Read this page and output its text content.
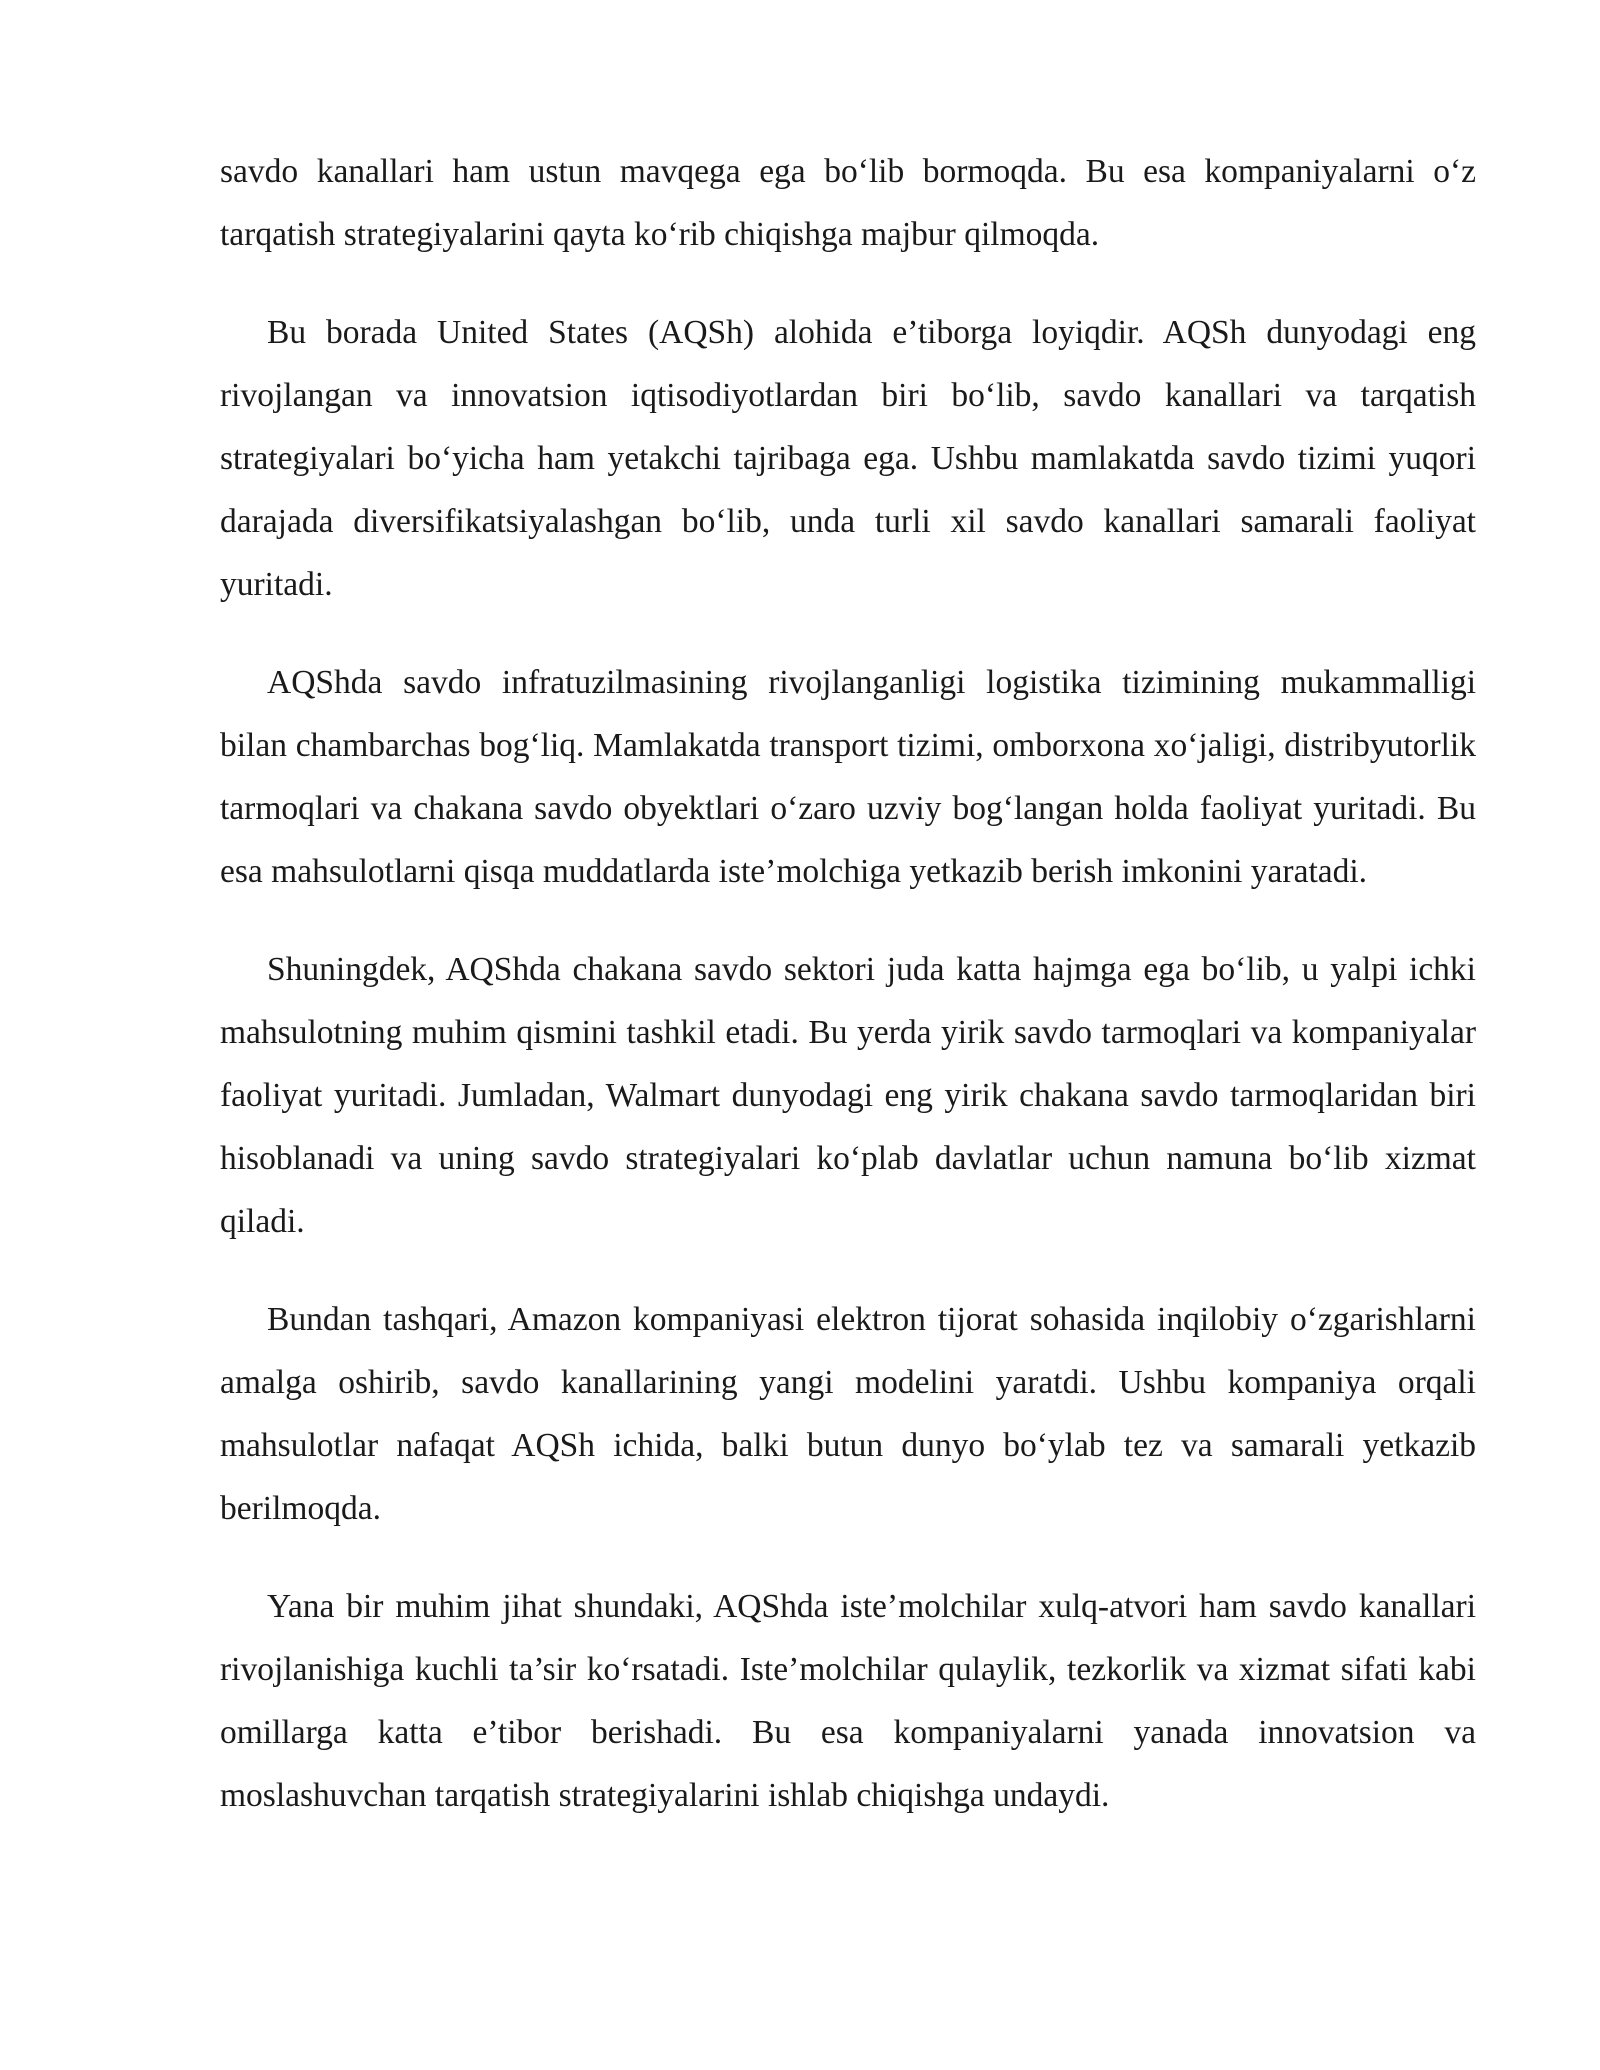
savdo kanallari ham ustun mavqega ega bo‘lib bormoqda. Bu esa kompaniyalarni o‘z tarqatish strategiyalarini qayta ko‘rib chiqishga majbur qilmoqda.

Bu borada United States (AQSh) alohida e’tiborga loyiqdir. AQSh dunyodagi eng rivojlangan va innovatsion iqtisodiyotlardan biri bo‘lib, savdo kanallari va tarqatish strategiyalari bo‘yicha ham yetakchi tajribaga ega. Ushbu mamlakatda savdo tizimi yuqori darajada diversifikatsiyalashgan bo‘lib, unda turli xil savdo kanallari samarali faoliyat yuritadi.

AQShda savdo infratuzilmasining rivojlanganligi logistika tizimining mukammalligi bilan chambarchas bog‘liq. Mamlakatda transport tizimi, omborxona xo‘jaligi, distribyutorlik tarmoqlari va chakana savdo obyektlari o‘zaro uzviy bog‘langan holda faoliyat yuritadi. Bu esa mahsulotlarni qisqa muddatlarda iste’molchiga yetkazib berish imkonini yaratadi.

Shuningdek, AQShda chakana savdo sektori juda katta hajmga ega bo‘lib, u yalpi ichki mahsulotning muhim qismini tashkil etadi. Bu yerda yirik savdo tarmoqlari va kompaniyalar faoliyat yuritadi. Jumladan, Walmart dunyodagi eng yirik chakana savdo tarmoqlaridan biri hisoblanadi va uning savdo strategiyalari ko‘plab davlatlar uchun namuna bo‘lib xizmat qiladi.

Bundan tashqari, Amazon kompaniyasi elektron tijorat sohasida inqilobiy o‘zgarishlarni amalga oshirib, savdo kanallarining yangi modelini yaratdi. Ushbu kompaniya orqali mahsulotlar nafaqat AQSh ichida, balki butun dunyo bo‘ylab tez va samarali yetkazib berilmoqda.

Yana bir muhim jihat shundaki, AQShda iste’molchilar xulq-atvori ham savdo kanallari rivojlanishiga kuchli ta’sir ko‘rsatadi. Iste’molchilar qulaylik, tezkorlik va xizmat sifati kabi omillarga katta e’tibor berishadi. Bu esa kompaniyalarni yanada innovatsion va moslashuvchan tarqatish strategiyalarini ishlab chiqishga undaydi.
